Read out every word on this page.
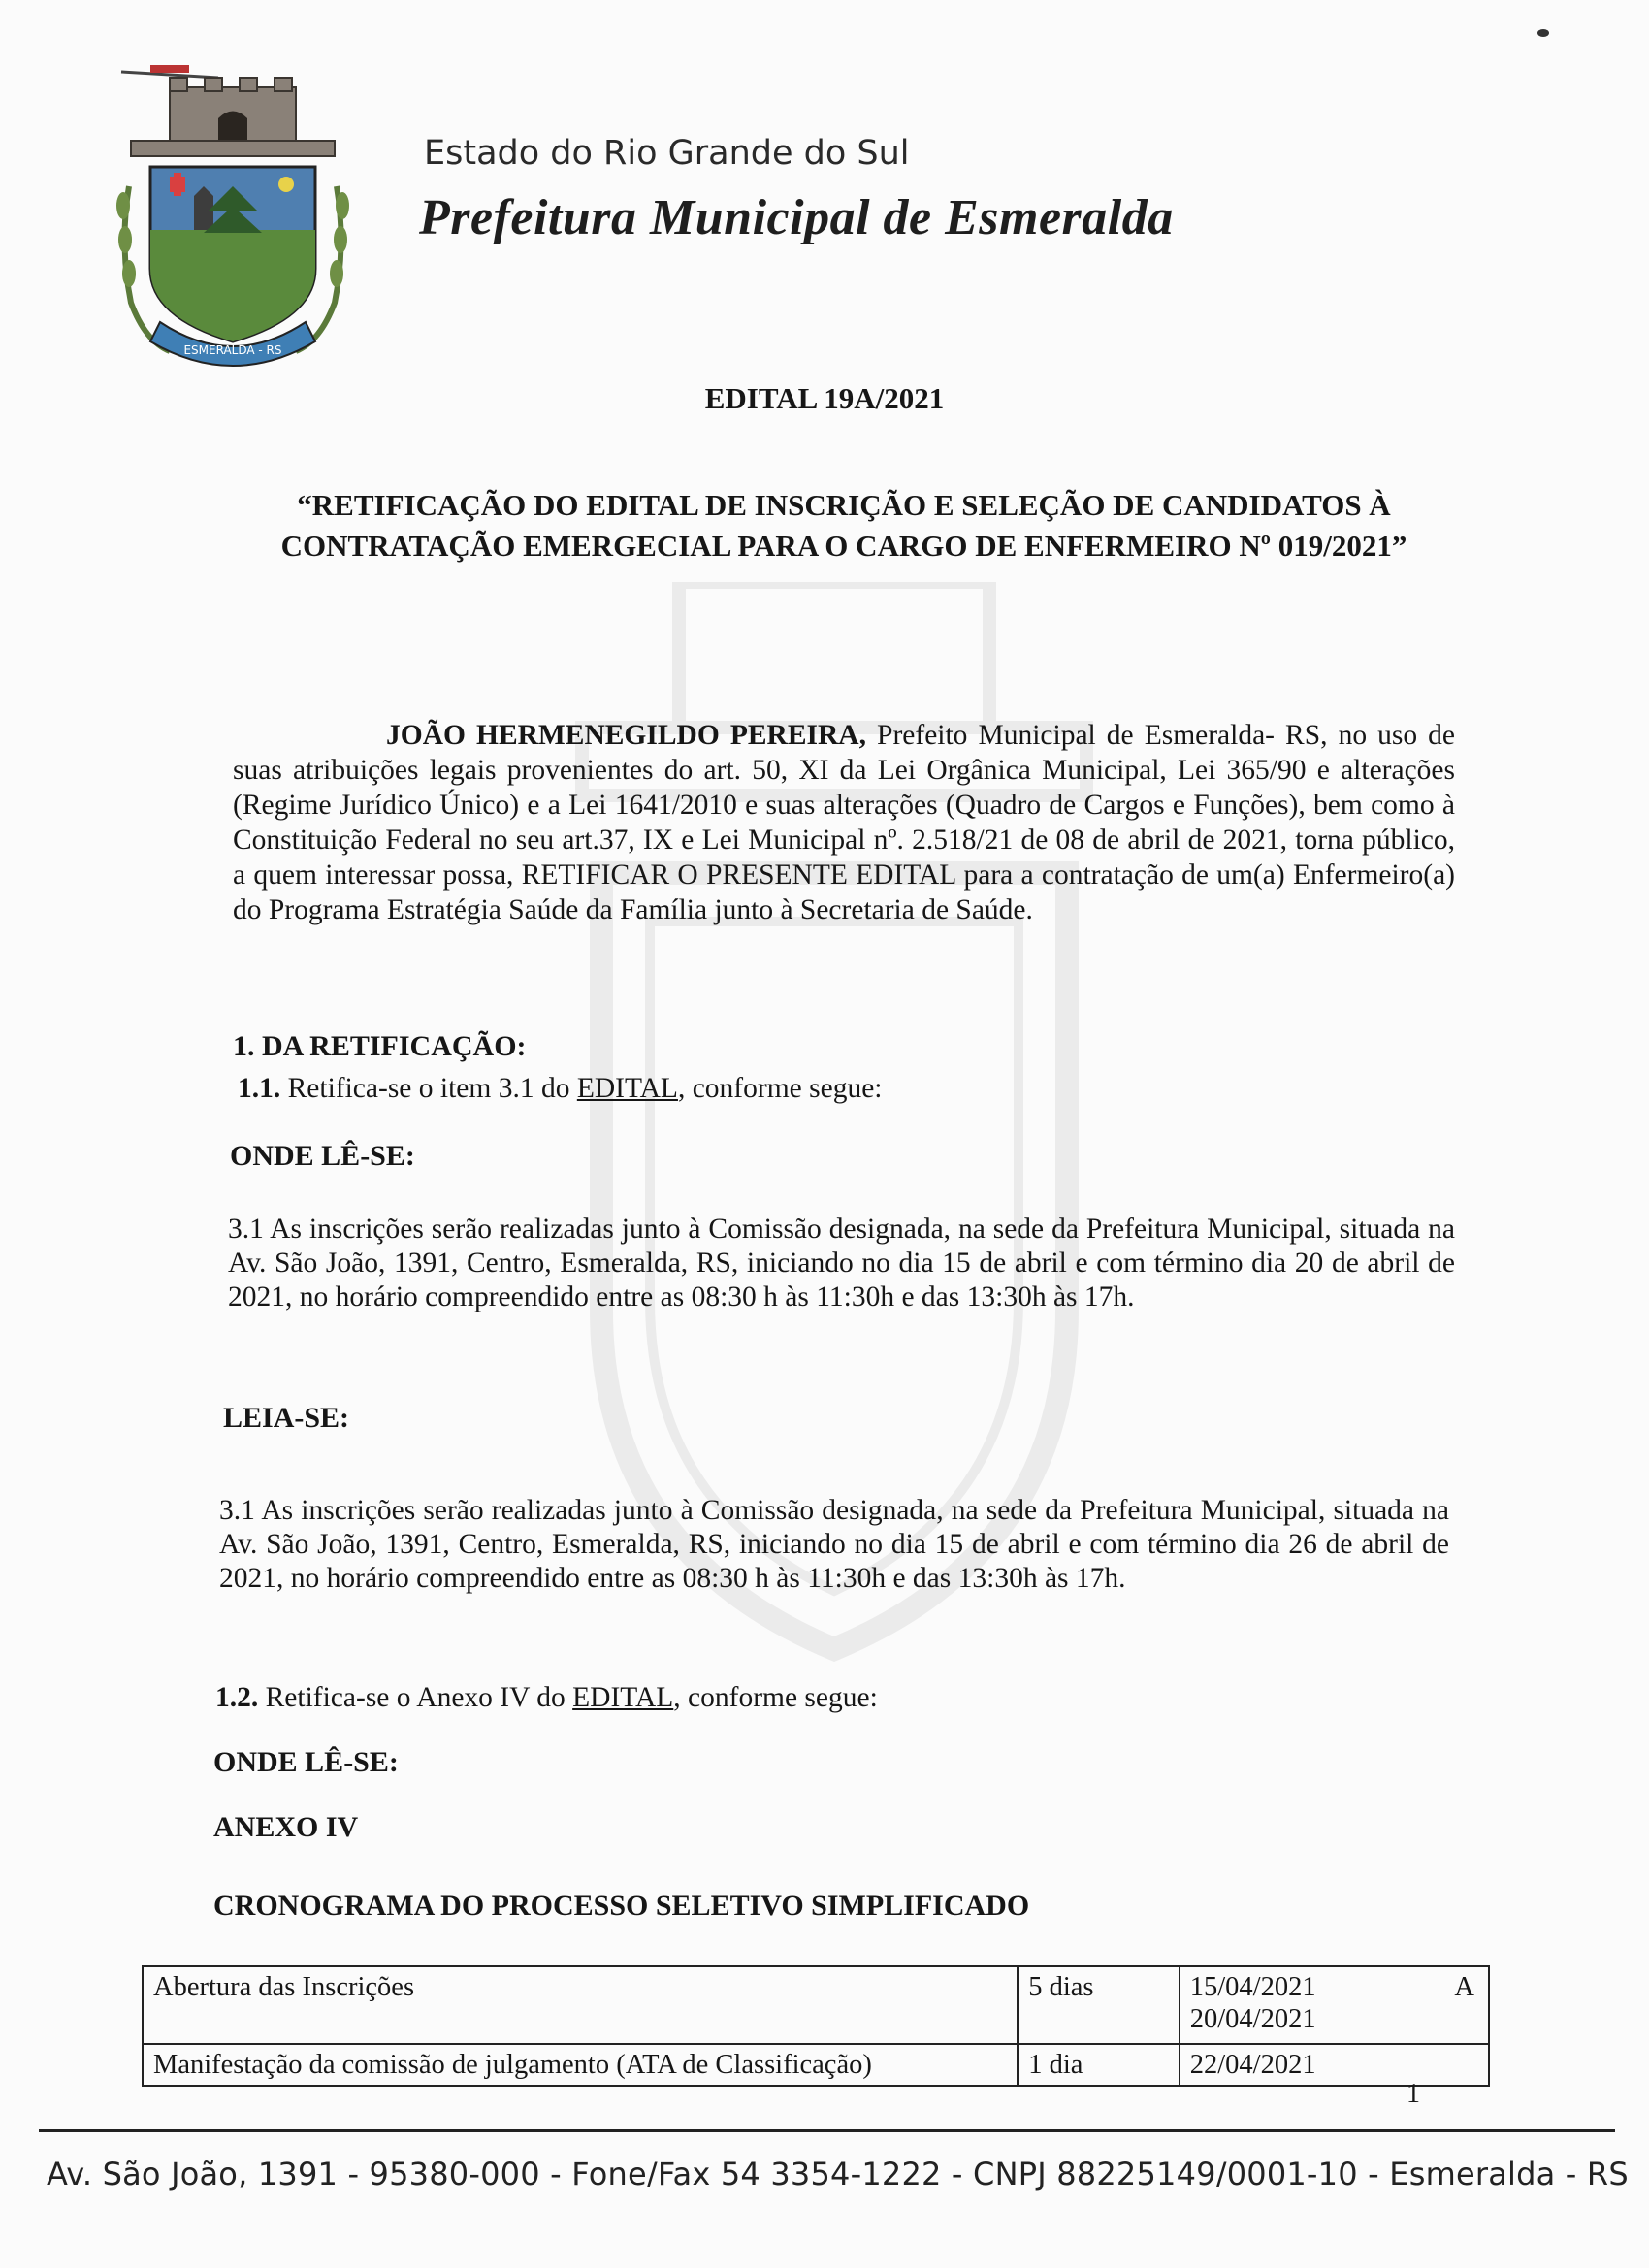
ESMERALDA - RS
Estado do Rio Grande do Sul
Prefeitura Municipal de Esmeralda
EDITAL 19A/2021
“RETIFICAÇÃO DO EDITAL DE INSCRIÇÃO E SELEÇÃO DE CANDIDATOS À
CONTRATAÇÃO EMERGECIAL PARA O CARGO DE ENFERMEIRO Nº 019/2021”
JOÃO HERMENEGILDO PEREIRA, Prefeito Municipal de Esmeralda- RS, no uso de suas atribuições legais provenientes do art. 50, XI da Lei Orgânica Municipal, Lei 365/90 e alterações (Regime Jurídico Único) e a Lei 1641/2010 e suas alterações (Quadro de Cargos e Funções), bem como à Constituição Federal no seu art.37, IX e Lei Municipal nº. 2.518/21 de 08 de abril de 2021, torna público, a quem interessar possa, RETIFICAR O PRESENTE EDITAL para a contratação de um(a) Enfermeiro(a) do Programa Estratégia Saúde da Família junto à Secretaria de Saúde.
1. DA RETIFICAÇÃO:
1.1. Retifica-se o item 3.1 do EDITAL, conforme segue:
ONDE LÊ-SE:
3.1 As inscrições serão realizadas junto à Comissão designada, na sede da Prefeitura Municipal, situada na Av. São João, 1391, Centro, Esmeralda, RS, iniciando no dia 15 de abril e com término dia 20 de abril de 2021, no horário compreendido entre as 08:30 h às 11:30h e das 13:30h às 17h.
LEIA-SE:
3.1 As inscrições serão realizadas junto à Comissão designada, na sede da Prefeitura Municipal, situada na Av. São João, 1391, Centro, Esmeralda, RS, iniciando no dia 15 de abril e com término dia 26 de abril de 2021, no horário compreendido entre as 08:30 h às 11:30h e das 13:30h às 17h.
1.2. Retifica-se o Anexo IV do EDITAL, conforme segue:
ONDE LÊ-SE:
ANEXO IV
CRONOGRAMA DO PROCESSO SELETIVO SIMPLIFICADO
Abertura das Inscrições	5 dias	15/04/2021 A
20/04/2021

Manifestação da comissão de julgamento (ATA de Classificação)	1 dia	22/04/2021
1
Av. São João, 1391 - 95380-000 - Fone/Fax 54 3354-1222 - CNPJ 88225149/0001-10 - Esmeralda - RS
